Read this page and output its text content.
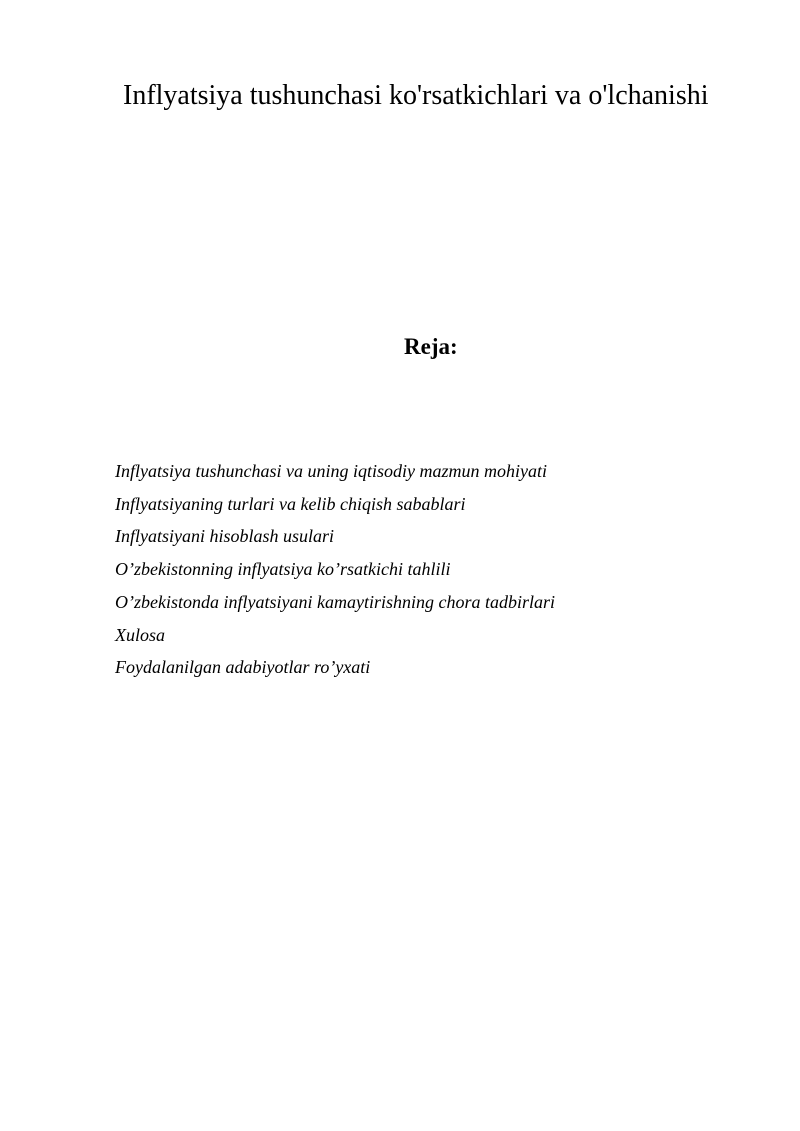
Inflyatsiya tushunchasi ko'rsatkichlari va o'lchanishi
Reja:
Inflyatsiya tushunchasi va uning iqtisodiy mazmun mohiyati
Inflyatsiyaning turlari va kelib chiqish sabablari
Inflyatsiyani hisoblash usulari
O’zbekistonning inflyatsiya ko’rsatkichi tahlili
O’zbekistonda inflyatsiyani kamaytirishning chora tadbirlari
Xulosa
Foydalanilgan adabiyotlar ro’yxati
